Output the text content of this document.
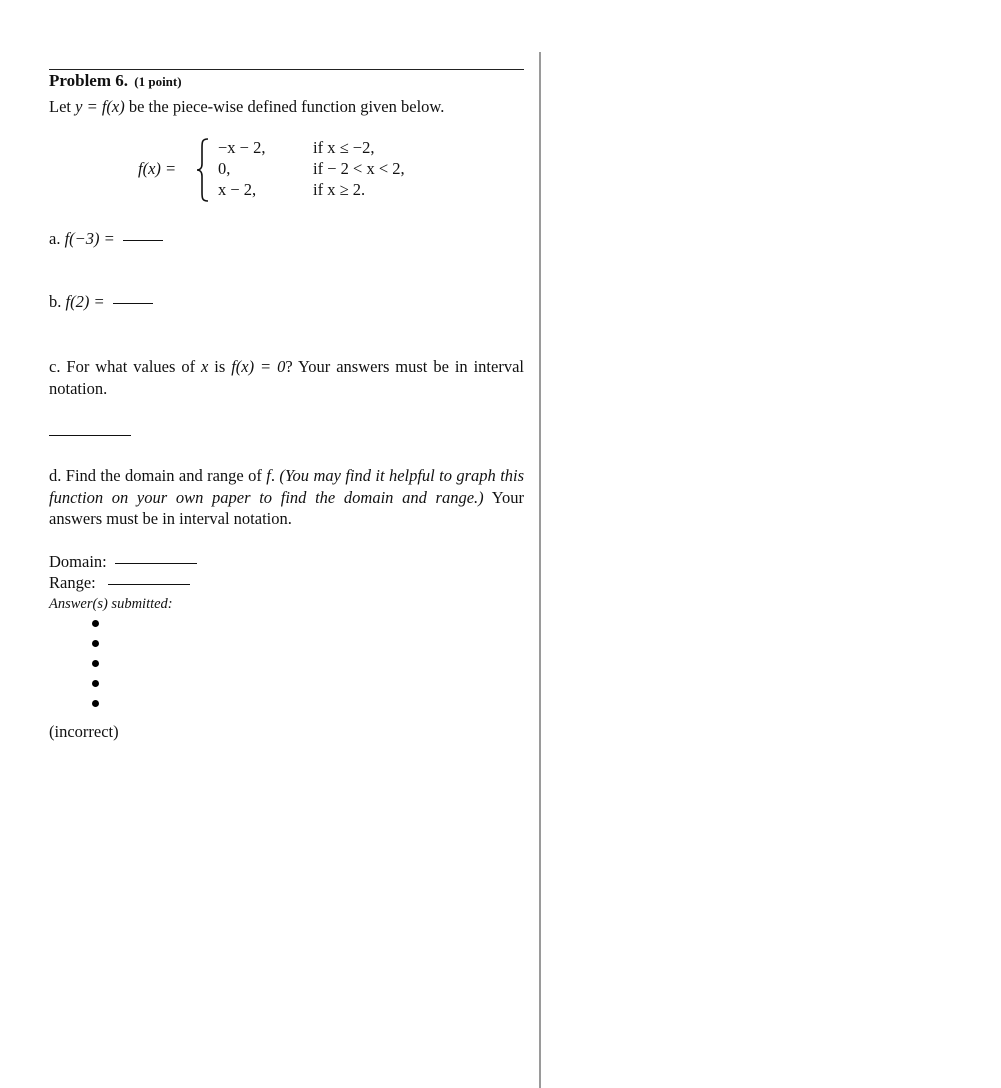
Problem 6. (1 point)
Let y = f(x) be the piece-wise defined function given below.
f(x) =
−x − 2,	if x ≤ −2,
0,	if − 2 < x < 2,
x − 2,	if x ≥ 2.
a. f(−3) =
b. f(2) =
c. For what values of x is f(x) = 0? Your answers must be in interval notation.
d. Find the domain and range of f. (You may find it helpful to graph this function on your own paper to find the domain and range.) Your answers must be in interval notation.
Domain:
Range:
Answer(s) submitted:
(incorrect)
